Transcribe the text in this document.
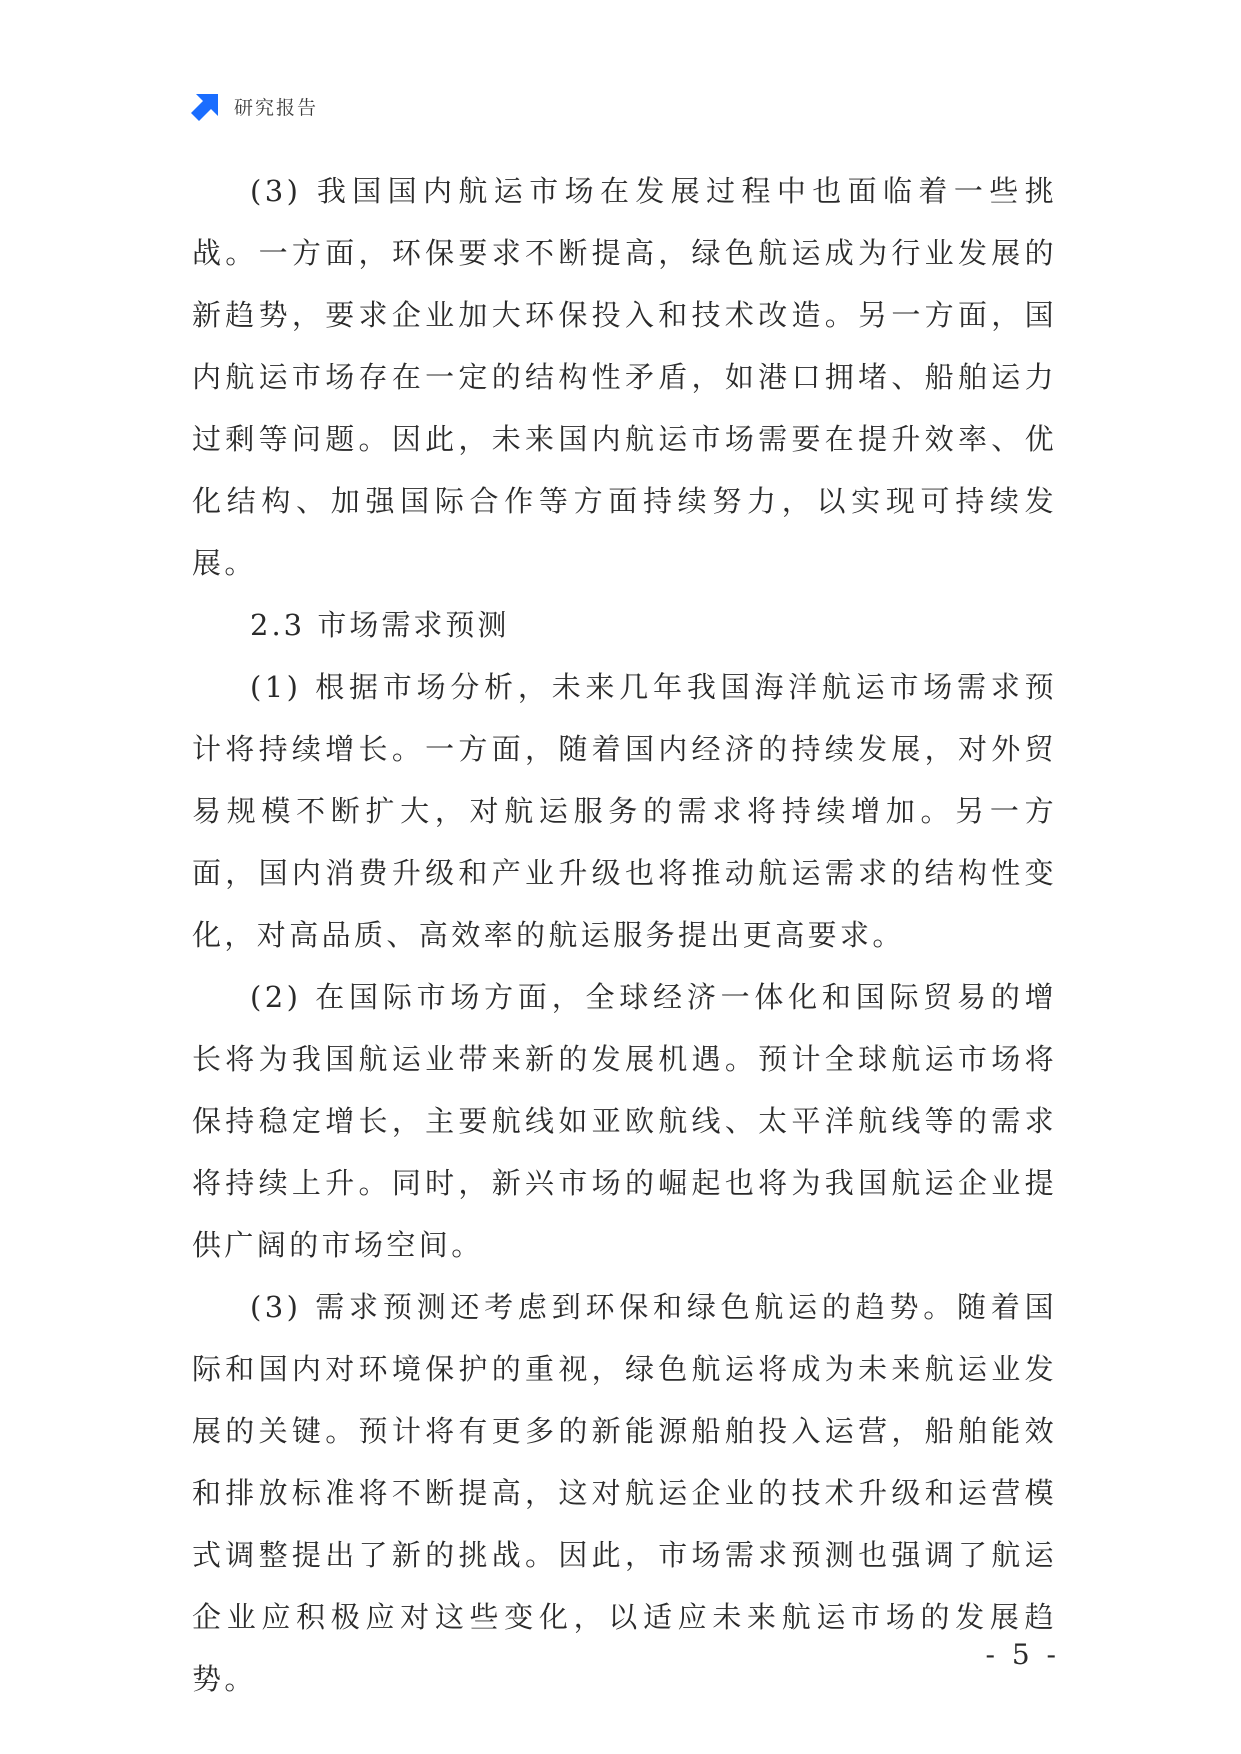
研究报告

(3) 我国国内航运市场在发展过程中也面临着一些挑战。一方面，环保要求不断提高，绿色航运成为行业发展的新趋势，要求企业加大环保投入和技术改造。另一方面，国内航运市场存在一定的结构性矛盾，如港口拥堵、船舶运力过剩等问题。因此，未来国内航运市场需要在提升效率、优化结构、加强国际合作等方面持续努力，以实现可持续发展。

2.3 市场需求预测

(1) 根据市场分析，未来几年我国海洋航运市场需求预计将持续增长。一方面，随着国内经济的持续发展，对外贸易规模不断扩大，对航运服务的需求将持续增加。另一方面，国内消费升级和产业升级也将推动航运需求的结构性变化，对高品质、高效率的航运服务提出更高要求。

(2) 在国际市场方面，全球经济一体化和国际贸易的增长将为我国航运业带来新的发展机遇。预计全球航运市场将保持稳定增长，主要航线如亚欧航线、太平洋航线等的需求将持续上升。同时，新兴市场的崛起也将为我国航运企业提供广阔的市场空间。

(3) 需求预测还考虑到环保和绿色航运的趋势。随着国际和国内对环境保护的重视，绿色航运将成为未来航运业发展的关键。预计将有更多的新能源船舶投入运营，船舶能效和排放标准将不断提高，这对航运企业的技术升级和运营模式调整提出了新的挑战。因此，市场需求预测也强调了航运企业应积极应对这些变化，以适应未来航运市场的发展趋势。

- 5 -
